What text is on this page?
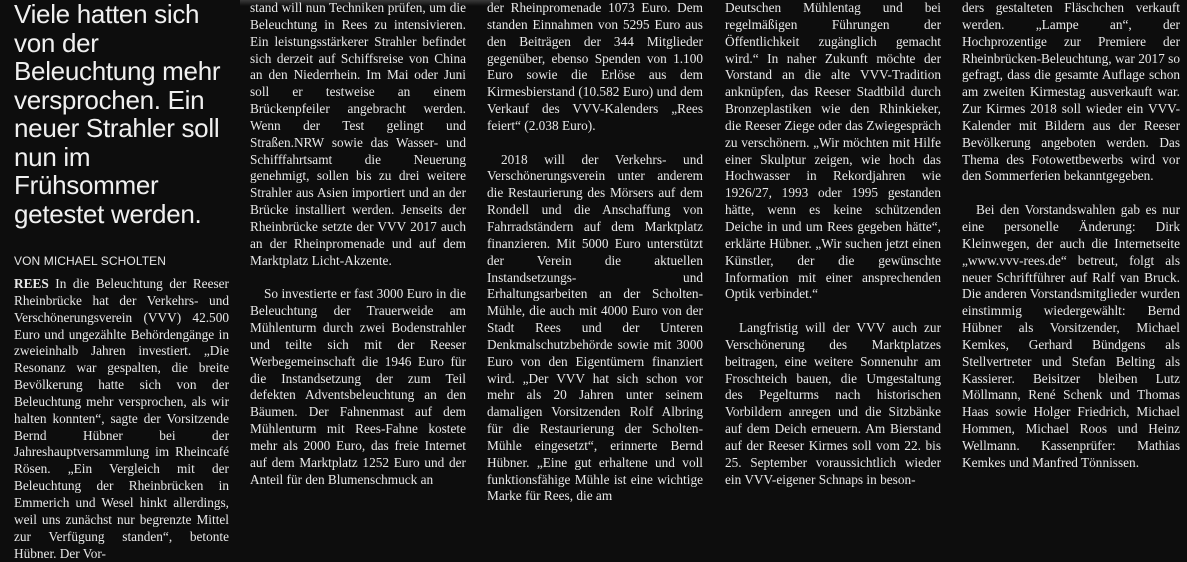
Viele hatten sich von der Beleuchtung mehr versprochen. Ein neuer Strahler soll nun im Frühsommer getestet werden.
VON MICHAEL SCHOLTEN

REES In die Beleuchtung der Reeser Rheinbrücke hat der Verkehrs- und Verschönerungsverein (VVV) 42.500 Euro und ungezählte Behördengänge in zweieinhalb Jahren investiert. „Die Resonanz war gespalten, die breite Bevölkerung hatte sich von der Beleuchtung mehr versprochen, als wir halten konnten“, sagte der Vorsitzende Bernd Hübner bei der Jahreshauptversammlung im Rheincafé Rösen. „Ein Vergleich mit der Beleuchtung der Rheinbrücken in Emmerich und Wesel hinkt allerdings, weil uns zunächst nur begrenzte Mittel zur Verfügung standen“, betonte Hübner. Der Vor-

stand will nun Techniken prüfen, um die Beleuchtung in Rees zu intensivieren. Ein leistungsstärkerer Strahler befindet sich derzeit auf Schiffsreise von China an den Niederrhein. Im Mai oder Juni soll er testweise an einem Brückenpfeiler angebracht werden. Wenn der Test gelingt und Straßen.NRW sowie das Wasser- und Schifffahrtsamt die Neuerung genehmigt, sollen bis zu drei weitere Strahler aus Asien importiert und an der Brücke installiert werden. Jenseits der Rheinbrücke setzte der VVV 2017 auch an der Rheinpromenade und auf dem Marktplatz Licht-Akzente.

So investierte er fast 3000 Euro in die Beleuchtung der Trauerweide am Mühlenturm durch zwei Bodenstrahler und teilte sich mit der Reeser Werbegemeinschaft die 1946 Euro für die Instandsetzung der zum Teil defekten Adventsbeleuchtung an den Bäumen. Der Fahnenmast auf dem Mühlenturm mit Rees-Fahne kostete mehr als 2000 Euro, das freie Internet auf dem Marktplatz 1252 Euro und der Anteil für den Blumenschmuck an

der Rheinpromenade 1073 Euro. Dem standen Einnahmen von 5295 Euro aus den Beiträgen der 344 Mitglieder gegenüber, ebenso Spenden von 1.100 Euro sowie die Erlöse aus dem Kirmesbierstand (10.582 Euro) und dem Verkauf des VVV-Kalenders „Rees feiert“ (2.038 Euro).

2018 will der Verkehrs- und Verschönerungsverein unter anderem die Restaurierung des Mörsers auf dem Rondell und die Anschaffung von Fahrradständern auf dem Marktplatz finanzieren. Mit 5000 Euro unterstützt der Verein die aktuellen Instandsetzungs- und Erhaltungsarbeiten an der Scholten-Mühle, die auch mit 4000 Euro von der Stadt Rees und der Unteren Denkmalschutzbehörde sowie mit 3000 Euro von den Eigentümern finanziert wird. „Der VVV hat sich schon vor mehr als 20 Jahren unter seinem damaligen Vorsitzenden Rolf Albring für die Restaurierung der Scholten-Mühle eingesetzt“, erinnerte Bernd Hübner. „Eine gut erhaltene und voll funktionsfähige Mühle ist eine wichtige Marke für Rees, die am

Deutschen Mühlentag und bei regelmäßigen Führungen der Öffentlichkeit zugänglich gemacht wird.“ In naher Zukunft möchte der Vorstand an die alte VVV-Tradition anknüpfen, das Reeser Stadtbild durch Bronzeplastiken wie den Rhinkieker, die Reeser Ziege oder das Zwiegespräch zu verschönern. „Wir möchten mit Hilfe einer Skulptur zeigen, wie hoch das Hochwasser in Rekordjahren wie 1926/27, 1993 oder 1995 gestanden hätte, wenn es keine schützenden Deiche in und um Rees gegeben hätte“, erklärte Hübner. „Wir suchen jetzt einen Künstler, der die gewünschte Information mit einer ansprechenden Optik verbindet.“

Langfristig will der VVV auch zur Verschönerung des Marktplatzes beitragen, eine weitere Sonnenuhr am Froschteich bauen, die Umgestaltung des Pegelturms nach historischen Vorbildern anregen und die Sitzbänke auf dem Deich erneuern. Am Bierstand auf der Reeser Kirmes soll vom 22. bis 25. September voraussichtlich wieder ein VVV-eigener Schnaps in beson-

ders gestalteten Fläschchen verkauft werden. „Lampe an“, der Hochprozentige zur Premiere der Rheinbrücken-Beleuchtung, war 2017 so gefragt, dass die gesamte Auflage schon am zweiten Kirmestag ausverkauft war. Zur Kirmes 2018 soll wieder ein VVV-Kalender mit Bildern aus der Reeser Bevölkerung angeboten werden. Das Thema des Fotowettbewerbs wird vor den Sommerferien bekanntgegeben.

Bei den Vorstandswahlen gab es nur eine personelle Änderung: Dirk Kleinwegen, der auch die Internetseite „www.vvv-rees.de“ betreut, folgt als neuer Schriftführer auf Ralf van Bruck. Die anderen Vorstandsmitglieder wurden einstimmig wiedergewählt: Bernd Hübner als Vorsitzender, Michael Kemkes, Gerhard Bündgens als Stellvertreter und Stefan Belting als Kassierer. Beisitzer bleiben Lutz Möllmann, René Schenk und Thomas Haas sowie Holger Friedrich, Michael Hommen, Michael Roos und Heinz Wellmann. Kassenprüfer: Mathias Kemkes und Manfred Tönnissen.
